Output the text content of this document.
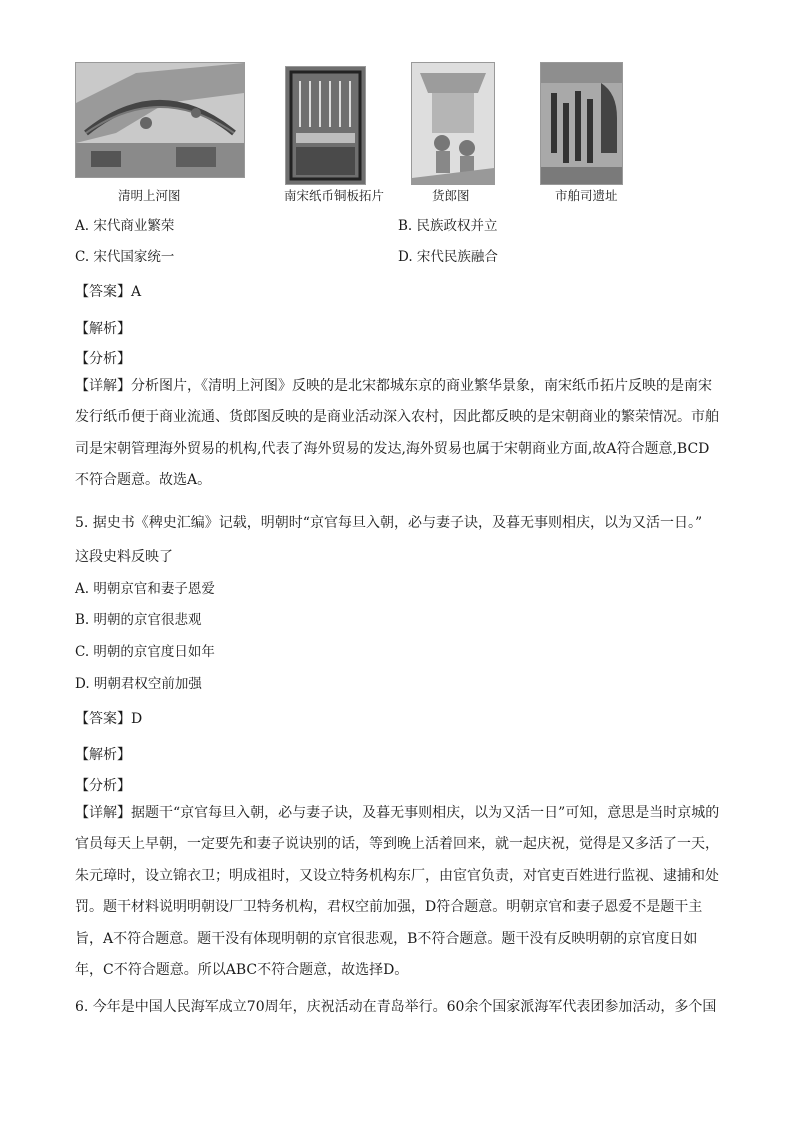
清明上河图	南宋纸币铜板拓片	货郎图	市舶司遗址
A. 宋代商业繁荣	B. 民族政权并立
C. 宋代国家统一	D. 宋代民族融合
【答案】A
【解析】
【分析】
【详解】分析图片，《清明上河图》反映的是北宋都城东京的商业繁华景象，南宋纸币拓片反映的是南宋发行纸币便于商业流通、货郎图反映的是商业活动深入农村，因此都反映的是宋朝商业的繁荣情况。市舶司是宋朝管理海外贸易的机构,代表了海外贸易的发达,海外贸易也属于宋朝商业方面,故A符合题意,BCD不符合题意。故选A。
5. 据史书《稗史汇编》记载，明朝时“京官每旦入朝，必与妻子诀，及暮无事则相庆，以为又活一日。”
这段史料反映了
A. 明朝京官和妻子恩爱
B. 明朝的京官很悲观
C. 明朝的京官度日如年
D. 明朝君权空前加强
【答案】D
【解析】
【分析】
【详解】据题干“京官每旦入朝，必与妻子诀，及暮无事则相庆，以为又活一日”可知，意思是当时京城的官员每天上早朝，一定要先和妻子说诀别的话，等到晚上活着回来，就一起庆祝，觉得是又多活了一天，朱元璋时，设立锦衣卫；明成祖时，又设立特务机构东厂，由宦官负责，对官吏百姓进行监视、逮捕和处罚。题干材料说明明朝设厂卫特务机构，君权空前加强，D符合题意。明朝京官和妻子恩爱不是题干主旨，A不符合题意。题干没有体现明朝的京官很悲观，B不符合题意。题干没有反映明朝的京官度日如年，C不符合题意。所以ABC不符合题意，故选择D。
6. 今年是中国人民海军成立70周年，庆祝活动在青岛举行。60余个国家派海军代表团参加活动，多个国
